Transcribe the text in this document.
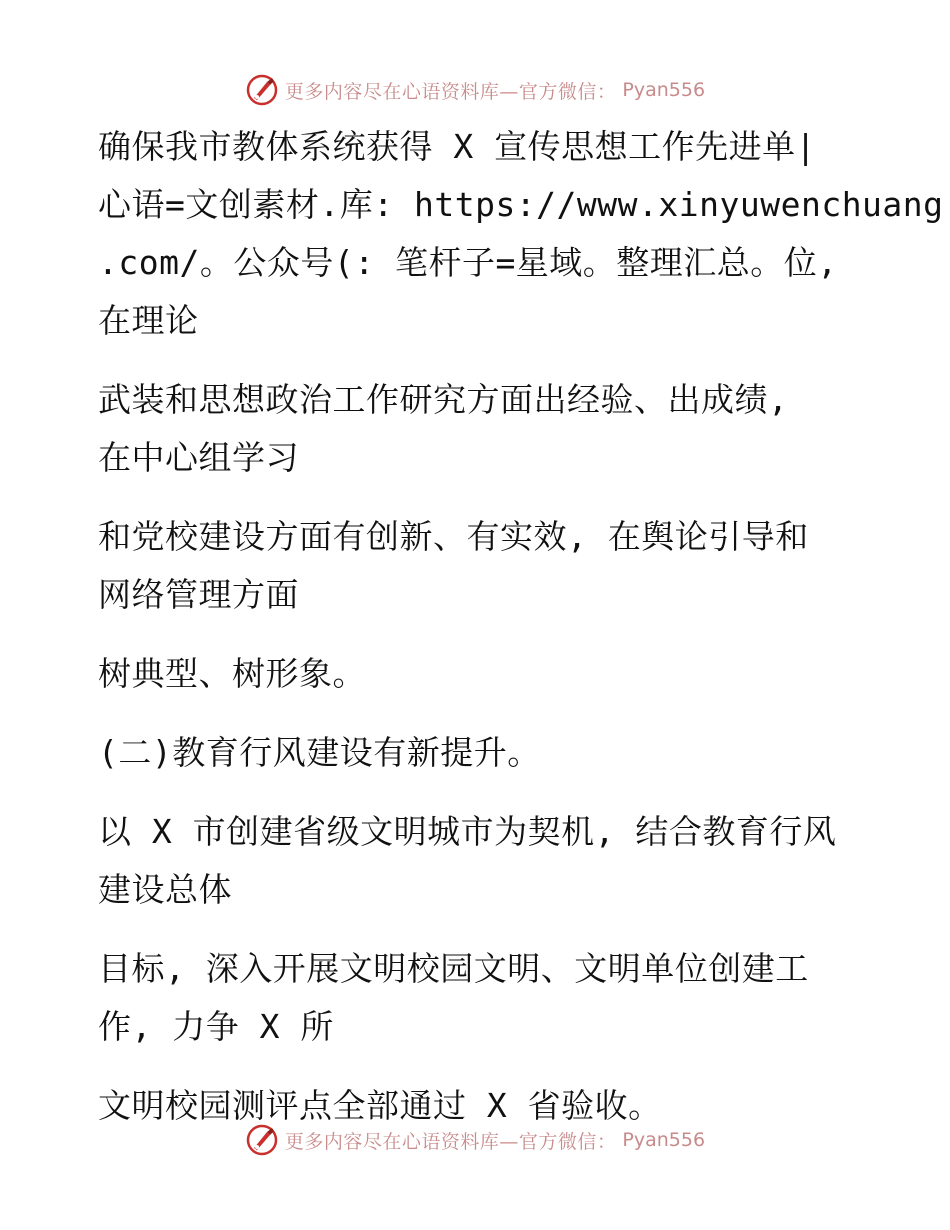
更多内容尽在心语资料库—官方微信： Pyan556
确保我市教体系统获得 X 宣传思想工作先进单|
心语=文创素材.库: https://www.xinyuwenchuang
.com/。公众号(: 笔杆子=星域。整理汇总。位,
在理论
武装和思想政治工作研究方面出经验、出成绩,
在中心组学习
和党校建设方面有创新、有实效, 在舆论引导和
网络管理方面
树典型、树形象。
(二)教育行风建设有新提升。
以 X 市创建省级文明城市为契机, 结合教育行风
建设总体
目标, 深入开展文明校园文明、文明单位创建工
作, 力争 X 所
文明校园测评点全部通过 X 省验收。
更多内容尽在心语资料库—官方微信： Pyan556
